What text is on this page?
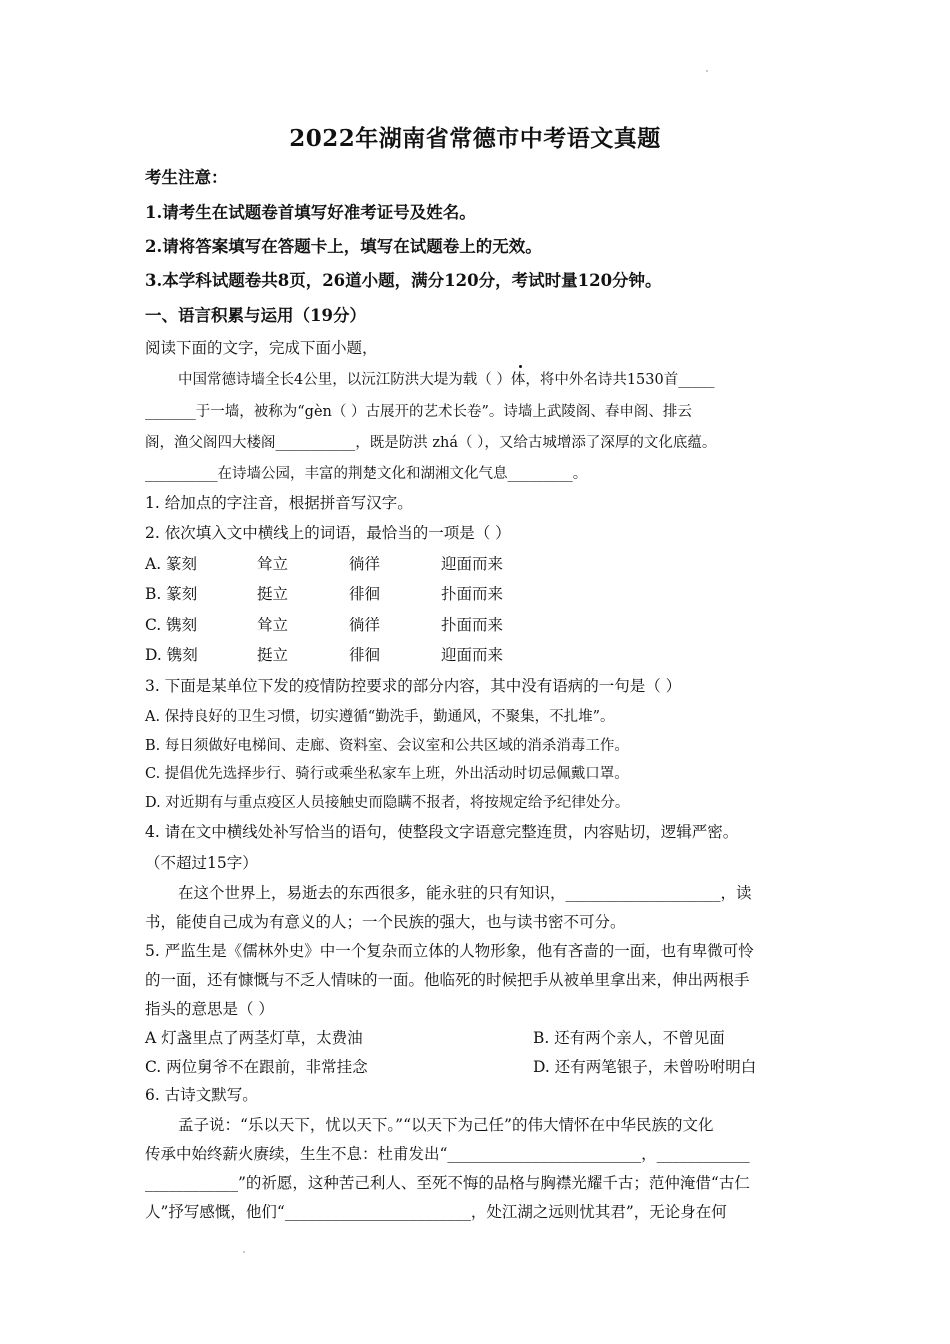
2022年湖南省常德市中考语文真题
考生注意：
1.请考生在试题卷首填写好准考证号及姓名。
2.请将答案填写在答题卡上，填写在试题卷上的无效。
3.本学科试题卷共8页，26道小题，满分120分，考试时量120分钟。
一、语言积累与运用（19分）
阅读下面的文字，完成下面小题，
中国常德诗墙全长4公里，以沅江防洪大堤为载（ ）体，将中外名诗共1530首_____
_______于一墙，被称为“gèn（ ）古展开的艺术长卷”。诗墙上武陵阁、春申阁、排云
阁，渔父阁四大楼阁___________，既是防洪 zhá（ ），又给古城增添了深厚的文化底蕴。
__________在诗墙公园，丰富的荆楚文化和湖湘文化气息_________。
1. 给加点的字注音，根据拼音写汉字。
2. 依次填入文中横线上的词语，最恰当的一项是（ ）
A. 篆刻	耸立	徜徉	迎面而来
B. 篆刻	挺立	徘徊	扑面而来
C. 镌刻	耸立	徜徉	扑面而来
D. 镌刻	挺立	徘徊	迎面而来
3. 下面是某单位下发的疫情防控要求的部分内容，其中没有语病的一句是（ ）
A. 保持良好的卫生习惯，切实遵循“勤洗手，勤通风，不聚集，不扎堆”。
B. 每日须做好电梯间、走廊、资料室、会议室和公共区域的消杀消毒工作。
C. 提倡优先选择步行、骑行或乘坐私家车上班，外出活动时切忌佩戴口罩。
D. 对近期有与重点疫区人员接触史而隐瞒不报者，将按规定给予纪律处分。
4. 请在文中横线处补写恰当的语句，使整段文字语意完整连贯，内容贴切，逻辑严密。
（不超过15字）
在这个世界上，易逝去的东西很多，能永驻的只有知识，____________________，读
书，能使自己成为有意义的人；一个民族的强大，也与读书密不可分。
5. 严监生是《儒林外史》中一个复杂而立体的人物形象，他有吝啬的一面，也有卑微可怜
的一面，还有慷慨与不乏人情味的一面。他临死的时候把手从被单里拿出来，伸出两根手
指头的意思是（ ）
A 灯盏里点了两茎灯草，太费油	B. 还有两个亲人，不曾见面
C. 两位舅爷不在跟前，非常挂念	D. 还有两笔银子，未曾吩咐明白
6. 古诗文默写。
孟子说：“乐以天下，忧以天下。”“以天下为己任”的伟大情怀在中华民族的文化
传承中始终薪火赓续，生生不息：杜甫发出“_________________________，____________
____________”的祈愿，这种苦己利人、至死不悔的品格与胸襟光耀千古；范仲淹借“古仁
人”抒写感慨，他们“________________________，处江湖之远则忧其君”，无论身在何
